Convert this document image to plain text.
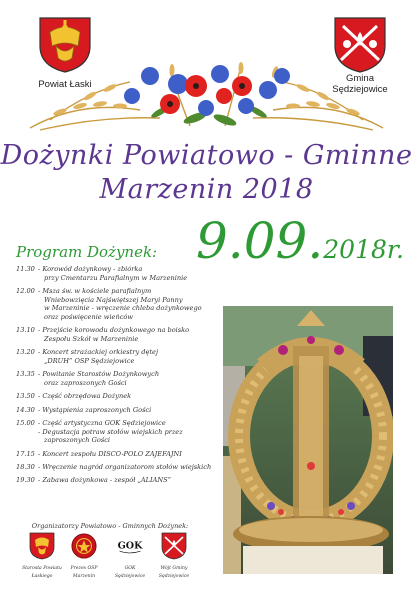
Powiat Łaski
Gmina
Sędziejowice
Dożynki Powiatowo - Gminne
Marzenin 2018
9.09.2018r.
Program Dożynek:
11.30 - Korowód dożynkowy - zbiórka
przy Cmentarzu Parafialnym w Marzeninie
12.00 - Msza św. w kościele parafialnym
Wniebowzięcia Najświętszej Maryi Panny
w Marzeninie - wręczenie chleba dożynkowego
oraz poświęcenie wieńców
13.10 - Przejście korowodu dożynkowego na boisko
Zespołu Szkół w Marzeninie
13.20 - Koncert strażackiej orkiestry dętej
„DRUH” OSP Sędziejowice
13.35 - Powitanie Starostów Dożynkowych
oraz zaproszonych Gości
13.50 - Część obrzędowa Dożynek
14.30 - Wystąpienia zaproszonych Gości
15.00 - Część artystyczna GOK Sędziejowice
- Degustacja potraw stołów wiejskich przez
zaproszonych Gości
17.15 - Koncert zespołu DISCO-POLO ZAJEFAJNI
18.30 - Wręczenie nagród organizatorom stołów wiejskich
19.30 - Zabawa dożynkowa - zespół „ALIANS”
Organizatorzy Powiatowo - Gminnych Dożynek:
Starosta Powiatu
Łaskiego
Prezes OSP
Marzenin
GOK
GOK
Sędziejowice
Wójt Gminy
Sędziejowice
